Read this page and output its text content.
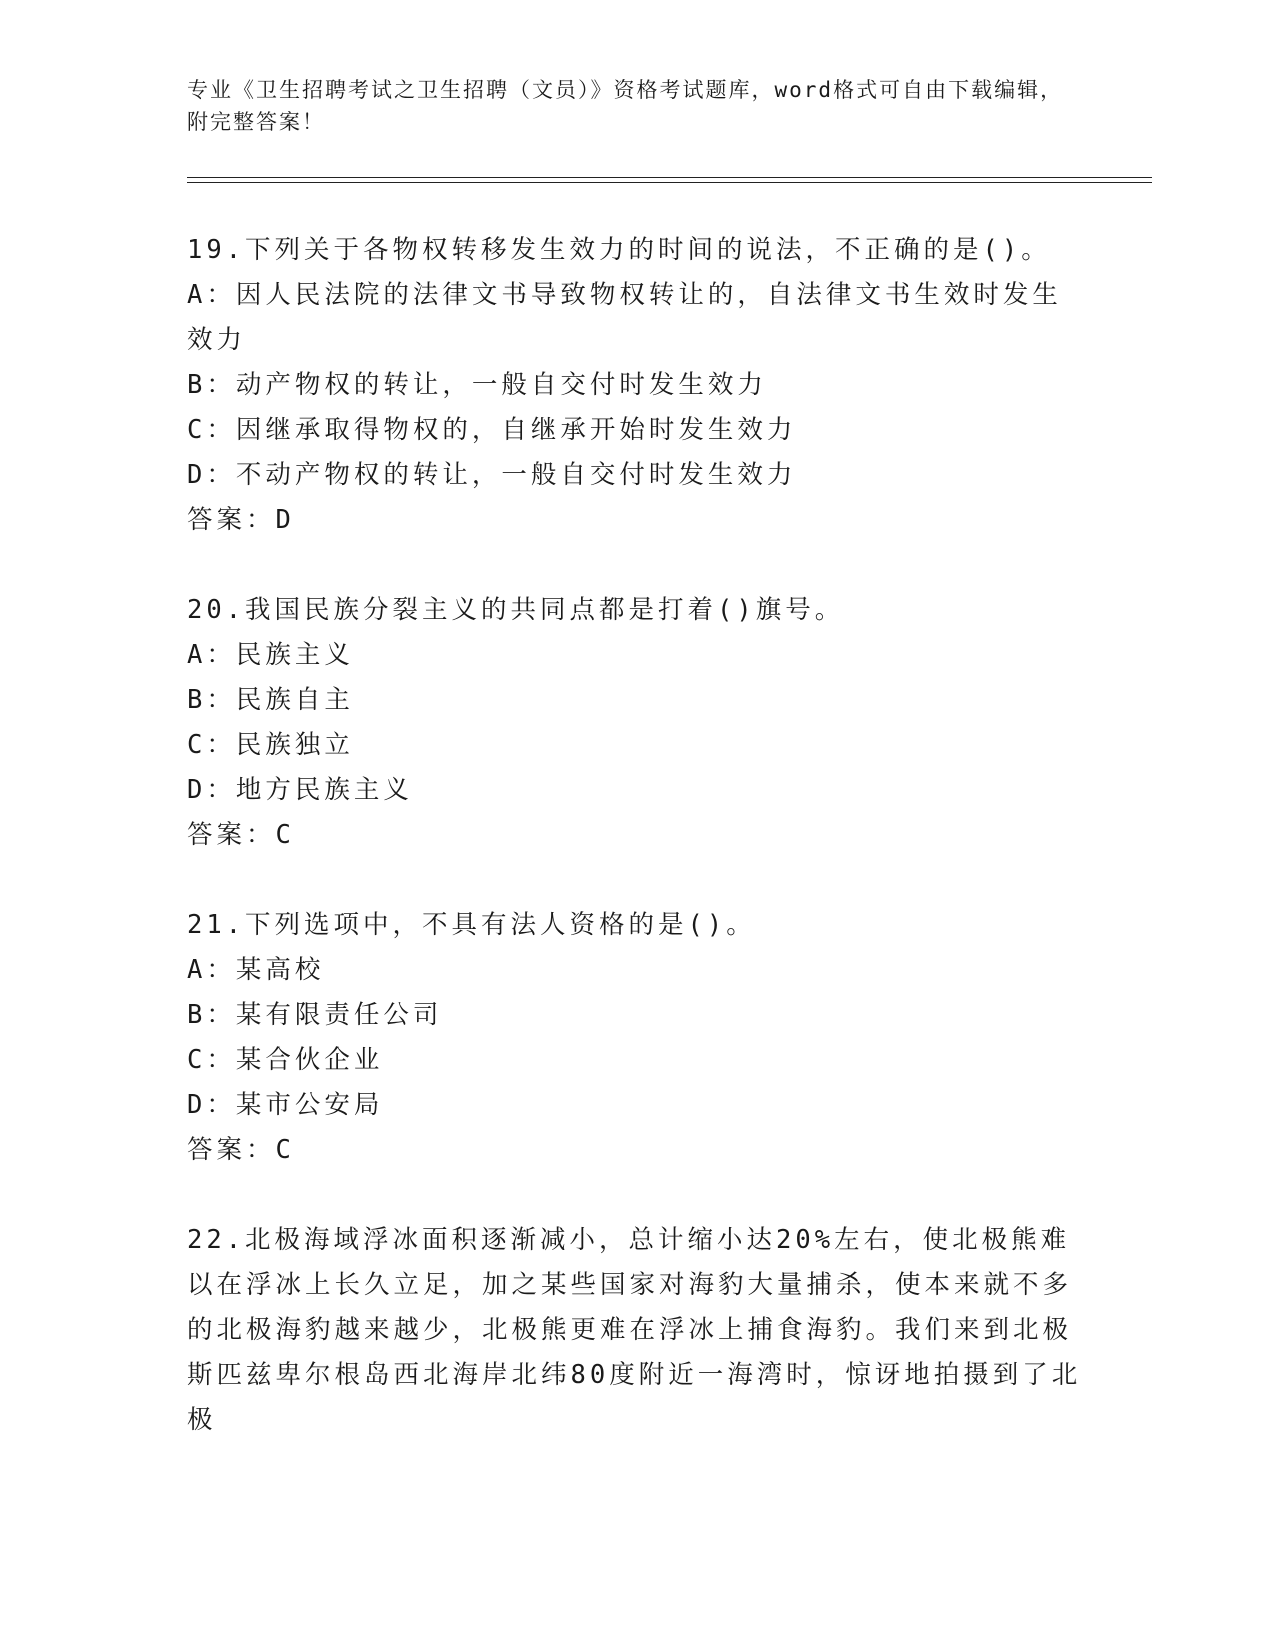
专业《卫生招聘考试之卫生招聘（文员）》资格考试题库，word格式可自由下载编辑，附完整答案！

19.下列关于各物权转移发生效力的时间的说法，不正确的是()。

A：因人民法院的法律文书导致物权转让的，自法律文书生效时发生效力

B：动产物权的转让，一般自交付时发生效力

C：因继承取得物权的，自继承开始时发生效力

D：不动产物权的转让，一般自交付时发生效力

答案：D

20.我国民族分裂主义的共同点都是打着()旗号。

A：民族主义

B：民族自主

C：民族独立

D：地方民族主义

答案：C

21.下列选项中，不具有法人资格的是()。

A：某高校

B：某有限责任公司

C：某合伙企业

D：某市公安局

答案：C

22.北极海域浮冰面积逐渐减小，总计缩小达20%左右，使北极熊难以在浮冰上长久立足，加之某些国家对海豹大量捕杀，使本来就不多的北极海豹越来越少，北极熊更难在浮冰上捕食海豹。我们来到北极斯匹兹卑尔根岛西北海岸北纬80度附近一海湾时，惊讶地拍摄到了北极
